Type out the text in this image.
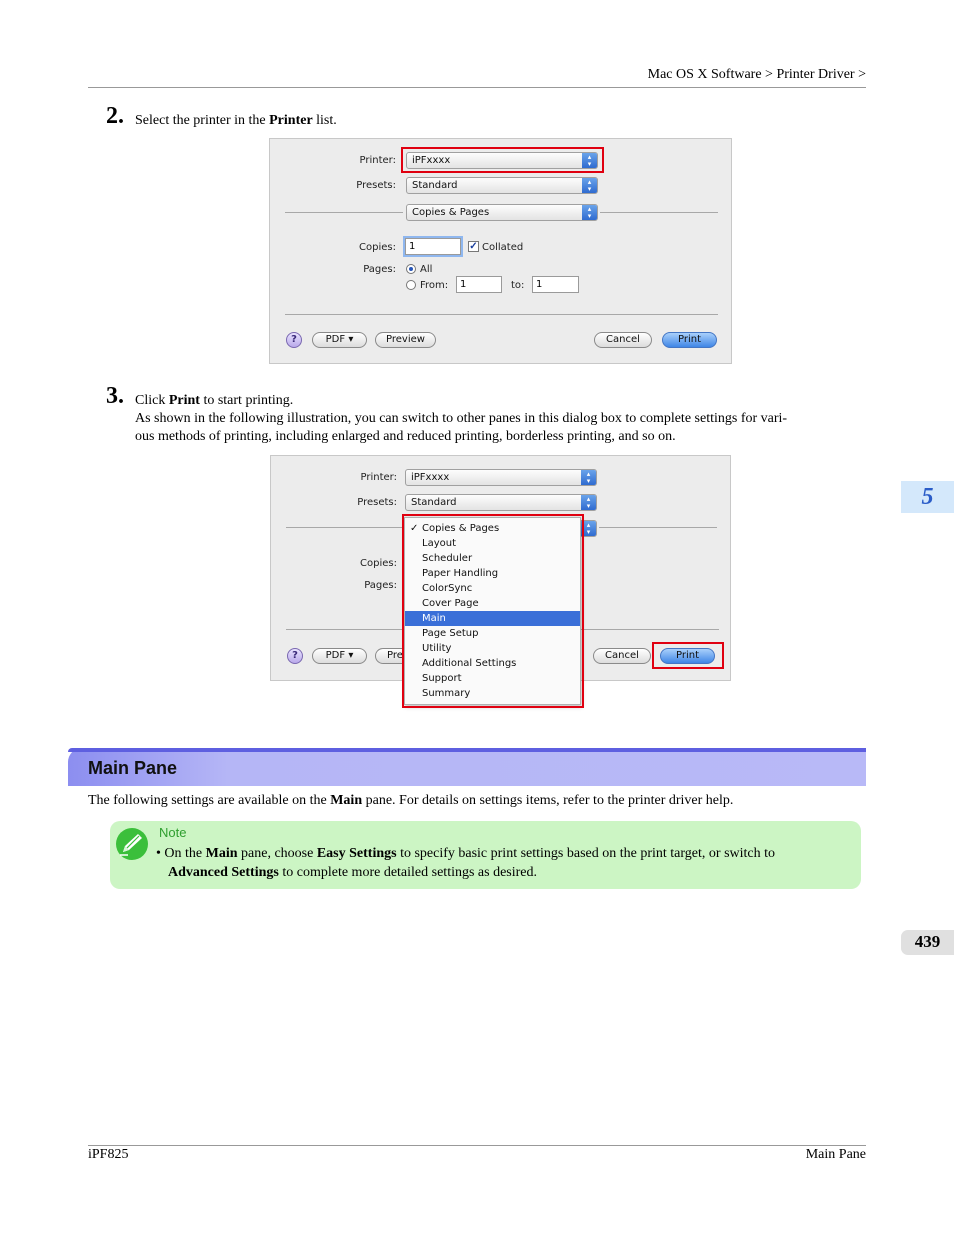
Mac OS X Software > Printer Driver >
5
439
2. Select the printer in the Printer list.
Printer:	iPFxxxx	▴
▾
Presets:	Standard	▴
▾
Copies & Pages	▴
▾
Copies:	1	✓ Collated
Pages: All
From:	1	to:	1
?	PDF ▾	Preview	Cancel	Print
3. Click Print to start printing.
As shown in the following illustration, you can switch to other panes in this dialog box to complete settings for vari-
ous methods of printing, including enlarged and reduced printing, borderless printing, and so on.
Printer:	iPFxxxx	▴
▾
Presets:	Standard	▴
▾
▴
▾
Copies:
Pages:
?	PDF ▾	Pre	Cancel	Print
✓ Copies & Pages
Layout
Scheduler
Paper Handling
ColorSync
Cover Page
Main
Page Setup
Utility
Additional Settings
Support
Summary
Main Pane
The following settings are available on the Main pane. For details on settings items, refer to the printer driver help.
Note
• On the Main pane, choose Easy Settings to specify basic print settings based on the print target, or switch to
Advanced Settings to complete more detailed settings as desired.
iPF825	Main Pane
